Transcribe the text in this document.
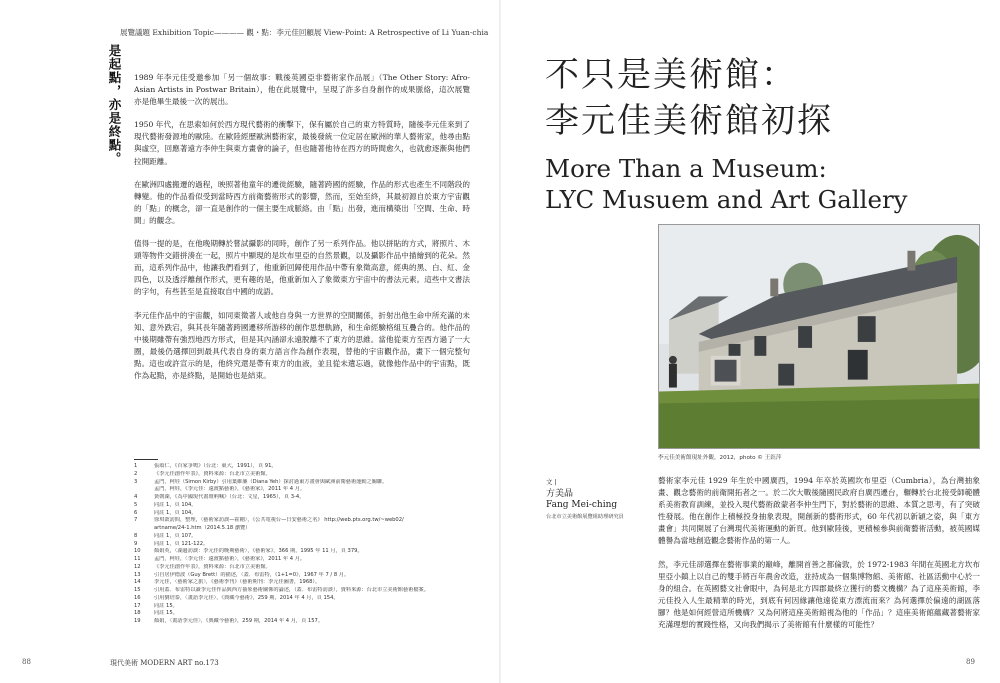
展覽議題 Exhibition Topic———— 觀・點：李元佳回顧展 View-Point: A Retrospective of Li Yuan-chia
是起點，亦是終點。 1989 年李元佳受邀參加「另一個故事：戰後英國亞非藝術家作品展」（The Other Story: Afro-Asian Artists in Postwar Britain），他在此展覽中，呈現了許多自身創作的成果脈絡，這次展覽亦是他畢生最後一次的展出。

1950 年代，在思索如何於西方現代藝術的衝擊下，保有屬於自己的東方特質時，隨後李元佳來到了現代藝術發源地的歐陸。在歐陸經歷歐洲藝術家，最後發統一位定居在歐洲的華人藝術家，他尋由點與虛空，回應著遠方李仲生與東方畫會的論子，但也隨著他待在西方的時間愈久，也就愈逐漸與他們拉開距離。

在歐洲四處搬遷的過程，映照著他童年的遷徙經驗，隨著跨國的經驗，作品的形式也產生不同階段的轉變。他的作品看似受到當時西方前衛藝術形式的影響，然而，至始至終，其最初源自於東方宇宙觀的「點」的概念，卻一直是創作的一個主要生成脈絡。由「點」出發，進而構築出「空間、生命、時間」的觀念。

值得一提的是，在他晚期轉於嘗試攝影的同時，創作了另一系列作品。他以拼貼的方式，將照片、木頭等物件交錯拼湊在一起，照片中顯現的是坎布里亞的自然景觀，以及攝影作品中描繪到的花朵。然而，這系列作品中，他讓我們看到了，他重新回歸使用作品中帶有象徵高意，經典的黑、白、紅、金四色，以及透浮離創作形式，更有趣的是，他重新加入了象徵東方宇宙中的書法元素。這些中文書法的字句，有些甚至是直接取自中國的成語。

李元佳作品中的宇宙觀，如同東徵著人或他自身與一方世界的空間關係，折射出他生命中所充滿的未知、意外跌宕，與其長年隨著跨國遷移所游移的創作思想軌跡，和生命經驗格組互疊合的。他作品的中後期雖帶有強烈地西方形式，但是其內涵卻永遠脫離不了東方的思維。當他從東方至西方過了一大圈，最後仍選擇回到最具代表自身的東方語言作為創作表現，替他的宇宙觀作品，畫下一個完整句點。這也或許宣示的是，他終究還是帶有東方的血液，並且從未遺忘過，就像他作品中的宇宙點，既作為起點，亦是終點，是開始也是結束。

1	張頌仁，《百家爭鳴》（台北：東大，1991），頁 91。
2	《李元佳創作年表》，資料來源：台北市立美術館。
3	孟門，柯娃（Simon Kirby）引用葉維廉（Diana Yeh）探討過東方畫會與歐洲前衛藝術運動之關聯。
孟門，柯娃，《李元佳：遠渡點藝術》，《藝術家》，2011 年 4 月。
4	黃朝湖，《為中國現代畫壇吶喊》（台北：文星，1965），頁 3-4。
5	同註 1，頁 104。
6	同註 1，頁 104。
7	徐琪歆訪問，整理，〈藝術家訪談—霍剛〉，《公共電視台—日安藝術之名》 http://web.pts.org.tw/~web02/
artname/24-1.htm（2014.5.18 瀏覽）
8	同註 1，頁 107。
9	同註 1，頁 121-122。
10	顏娟英，〈湖邊訪談：李元佳的晚期藝術〉，《藝術家》，366 期，1995 年 11 月，頁 379。
11	孟門，柯娃，〈李元佳：遠渡點藝術〉，《藝術家》，2011 年 4 月。
12	《李元佳創作年表》，資料來源：台北市立美術館。
13	引自居伊德波（Guy Brett）的描述，〈蓋．布雷特，《1+1=0》，1967 年 7 / 8 月。
14	李元佳，〈藝術家之旅〉，《藝術季刊》（藝術期刊：李元佳圖書，1968）。
15	引用蓋．布雷特以讀李元佳作品與西方抽象藝術關係的論述，（蓋．布雷特訪談），資料來源：台北市立美術館藝術檔案。
16	引用劉培泰，〈畫語李元佳〉，《典藏今藝術》，259 期，2014 年 4 月，頁 154。
17	同註 15。
18	同註 15。
19	顏娟，〈畫語李元佳〉，《典藏今藝術》，259 期，2014 年 4 月，頁 157。
88	現代美術 MODERN ART no.173
不只是美術館：
李元佳美術館初探
More Than a Museum:
LYC Musuem and Art Gallery
李元佳美術館現址外觀，2012，photo © 王鈺萍
文 |
方美晶
Fang Mei-ching
台北市立美術館展覽組助理研究員

藝術家李元佳 1929 年生於中國廣西，1994 年卒於英國坎布里亞（Cumbria），為台灣抽象畫、觀念藝術的前衛開拓者之一。於二次大戰後隨國民政府自廣西遷台，輾轉於台北接受師範體系美術教育訓練，並投入現代藝術啟蒙者李仲生門下，對於藝術的思維、本質之思考，有了突破性發展。他在創作上積極投身抽象表現，開創新的藝術形式，60 年代初以新穎之姿，與「東方畫會」共同開展了台灣現代美術運動的新頁。他到歐陸後，更積極參與前衛藝術活動，被英國媒體譽為當地創造觀念藝術作品的第一人。

然，李元佳卻選擇在藝術事業的巔峰，離開首善之都倫敦，於 1972-1983 年間在英國北方坎布里亞小鎮上以自己的雙手將百年農舍改造，並持成為一個集博物館、美術館、社區活動中心於一身的組合。在英國藝文社會眼中，為何是北方四郡最終立獲行的藝文機構？為了這座美術館，李元佳投入人生最精華的時光，到底有何因緣讓他遠從東方漂流而來？為何選擇於偏遠的湖區落腳？他是如何經營這所機構？又為何將這座美術館視為他的「作品」？這座美術館蘊藏著藝術家充滿理想的實踐性格，又向我們揭示了美術館有什麼樣的可能性？

89
